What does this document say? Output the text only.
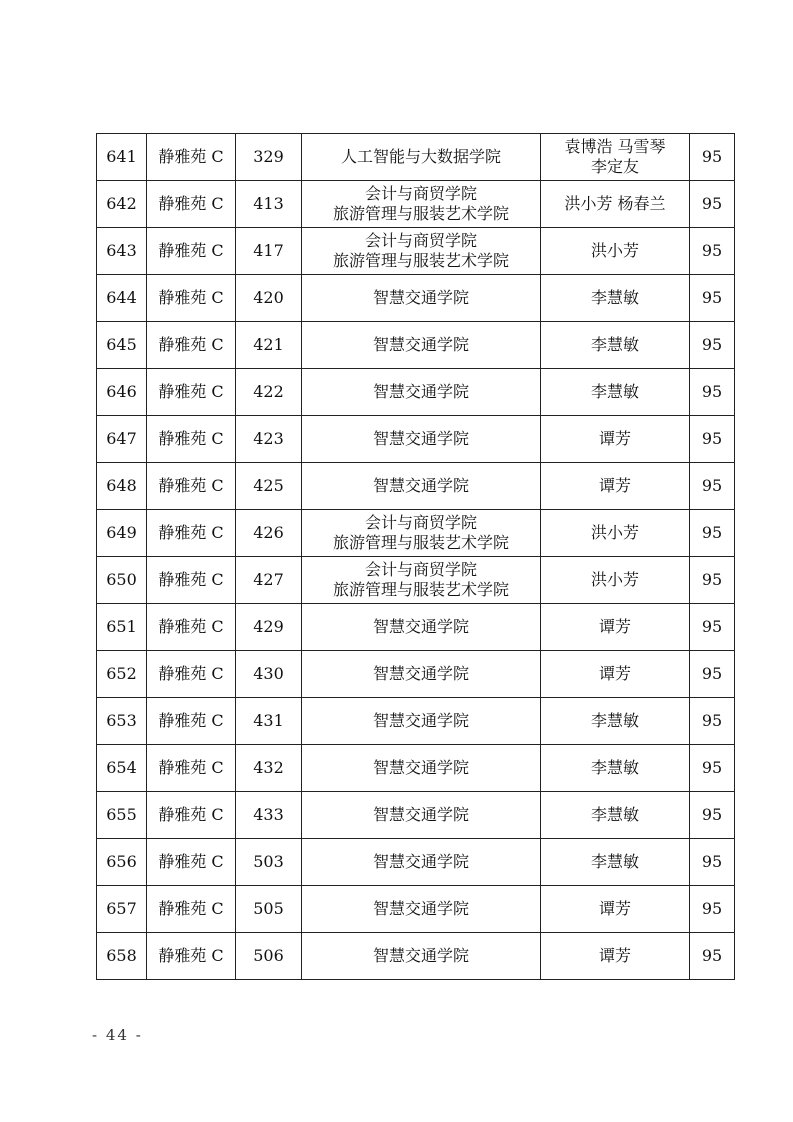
641	静雅苑 C	329	人工智能与大数据学院	袁博浩 马雪琴
李定友	95
642	静雅苑 C	413	会计与商贸学院
旅游管理与服装艺术学院	洪小芳 杨春兰	95
643	静雅苑 C	417	会计与商贸学院
旅游管理与服装艺术学院	洪小芳	95
644	静雅苑 C	420	智慧交通学院	李慧敏	95
645	静雅苑 C	421	智慧交通学院	李慧敏	95
646	静雅苑 C	422	智慧交通学院	李慧敏	95
647	静雅苑 C	423	智慧交通学院	谭芳	95
648	静雅苑 C	425	智慧交通学院	谭芳	95
649	静雅苑 C	426	会计与商贸学院
旅游管理与服装艺术学院	洪小芳	95
650	静雅苑 C	427	会计与商贸学院
旅游管理与服装艺术学院	洪小芳	95
651	静雅苑 C	429	智慧交通学院	谭芳	95
652	静雅苑 C	430	智慧交通学院	谭芳	95
653	静雅苑 C	431	智慧交通学院	李慧敏	95
654	静雅苑 C	432	智慧交通学院	李慧敏	95
655	静雅苑 C	433	智慧交通学院	李慧敏	95
656	静雅苑 C	503	智慧交通学院	李慧敏	95
657	静雅苑 C	505	智慧交通学院	谭芳	95
658	静雅苑 C	506	智慧交通学院	谭芳	95
- 44 -
